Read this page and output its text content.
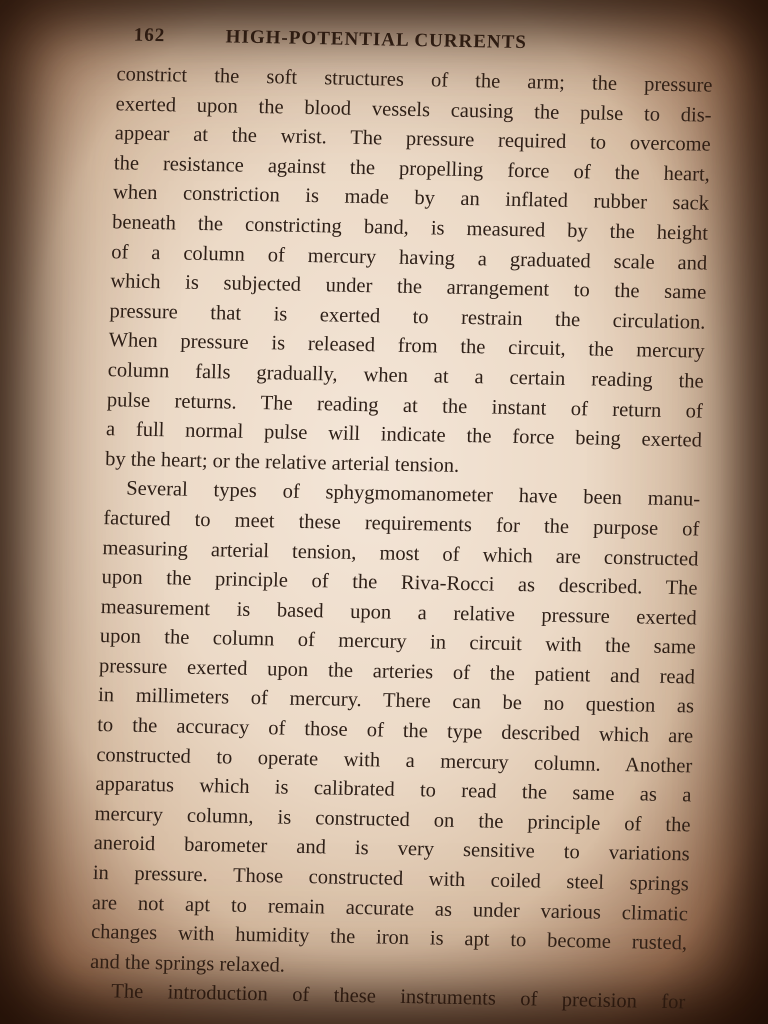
162	HIGH-POTENTIAL CURRENTS
constrict the soft structures of the arm; the pressure
exerted upon the blood vessels causing the pulse to dis-
appear at the wrist. The pressure required to overcome
the resistance against the propelling force of the heart,
when constriction is made by an inflated rubber sack
beneath the constricting band, is measured by the height
of a column of mercury having a graduated scale and
which is subjected under the arrangement to the same
pressure that is exerted to restrain the circulation.
When pressure is released from the circuit, the mercury
column falls gradually, when at a certain reading the
pulse returns. The reading at the instant of return of
a full normal pulse will indicate the force being exerted
by the heart; or the relative arterial tension.
Several types of sphygmomanometer have been manu-
factured to meet these requirements for the purpose of
measuring arterial tension, most of which are constructed
upon the principle of the Riva-Rocci as described. The
measurement is based upon a relative pressure exerted
upon the column of mercury in circuit with the same
pressure exerted upon the arteries of the patient and read
in millimeters of mercury. There can be no question as
to the accuracy of those of the type described which are
constructed to operate with a mercury column. Another
apparatus which is calibrated to read the same as a
mercury column, is constructed on the principle of the
aneroid barometer and is very sensitive to variations
in pressure. Those constructed with coiled steel springs
are not apt to remain accurate as under various climatic
changes with humidity the iron is apt to become rusted,
and the springs relaxed.
The introduction of these instruments of precision for
